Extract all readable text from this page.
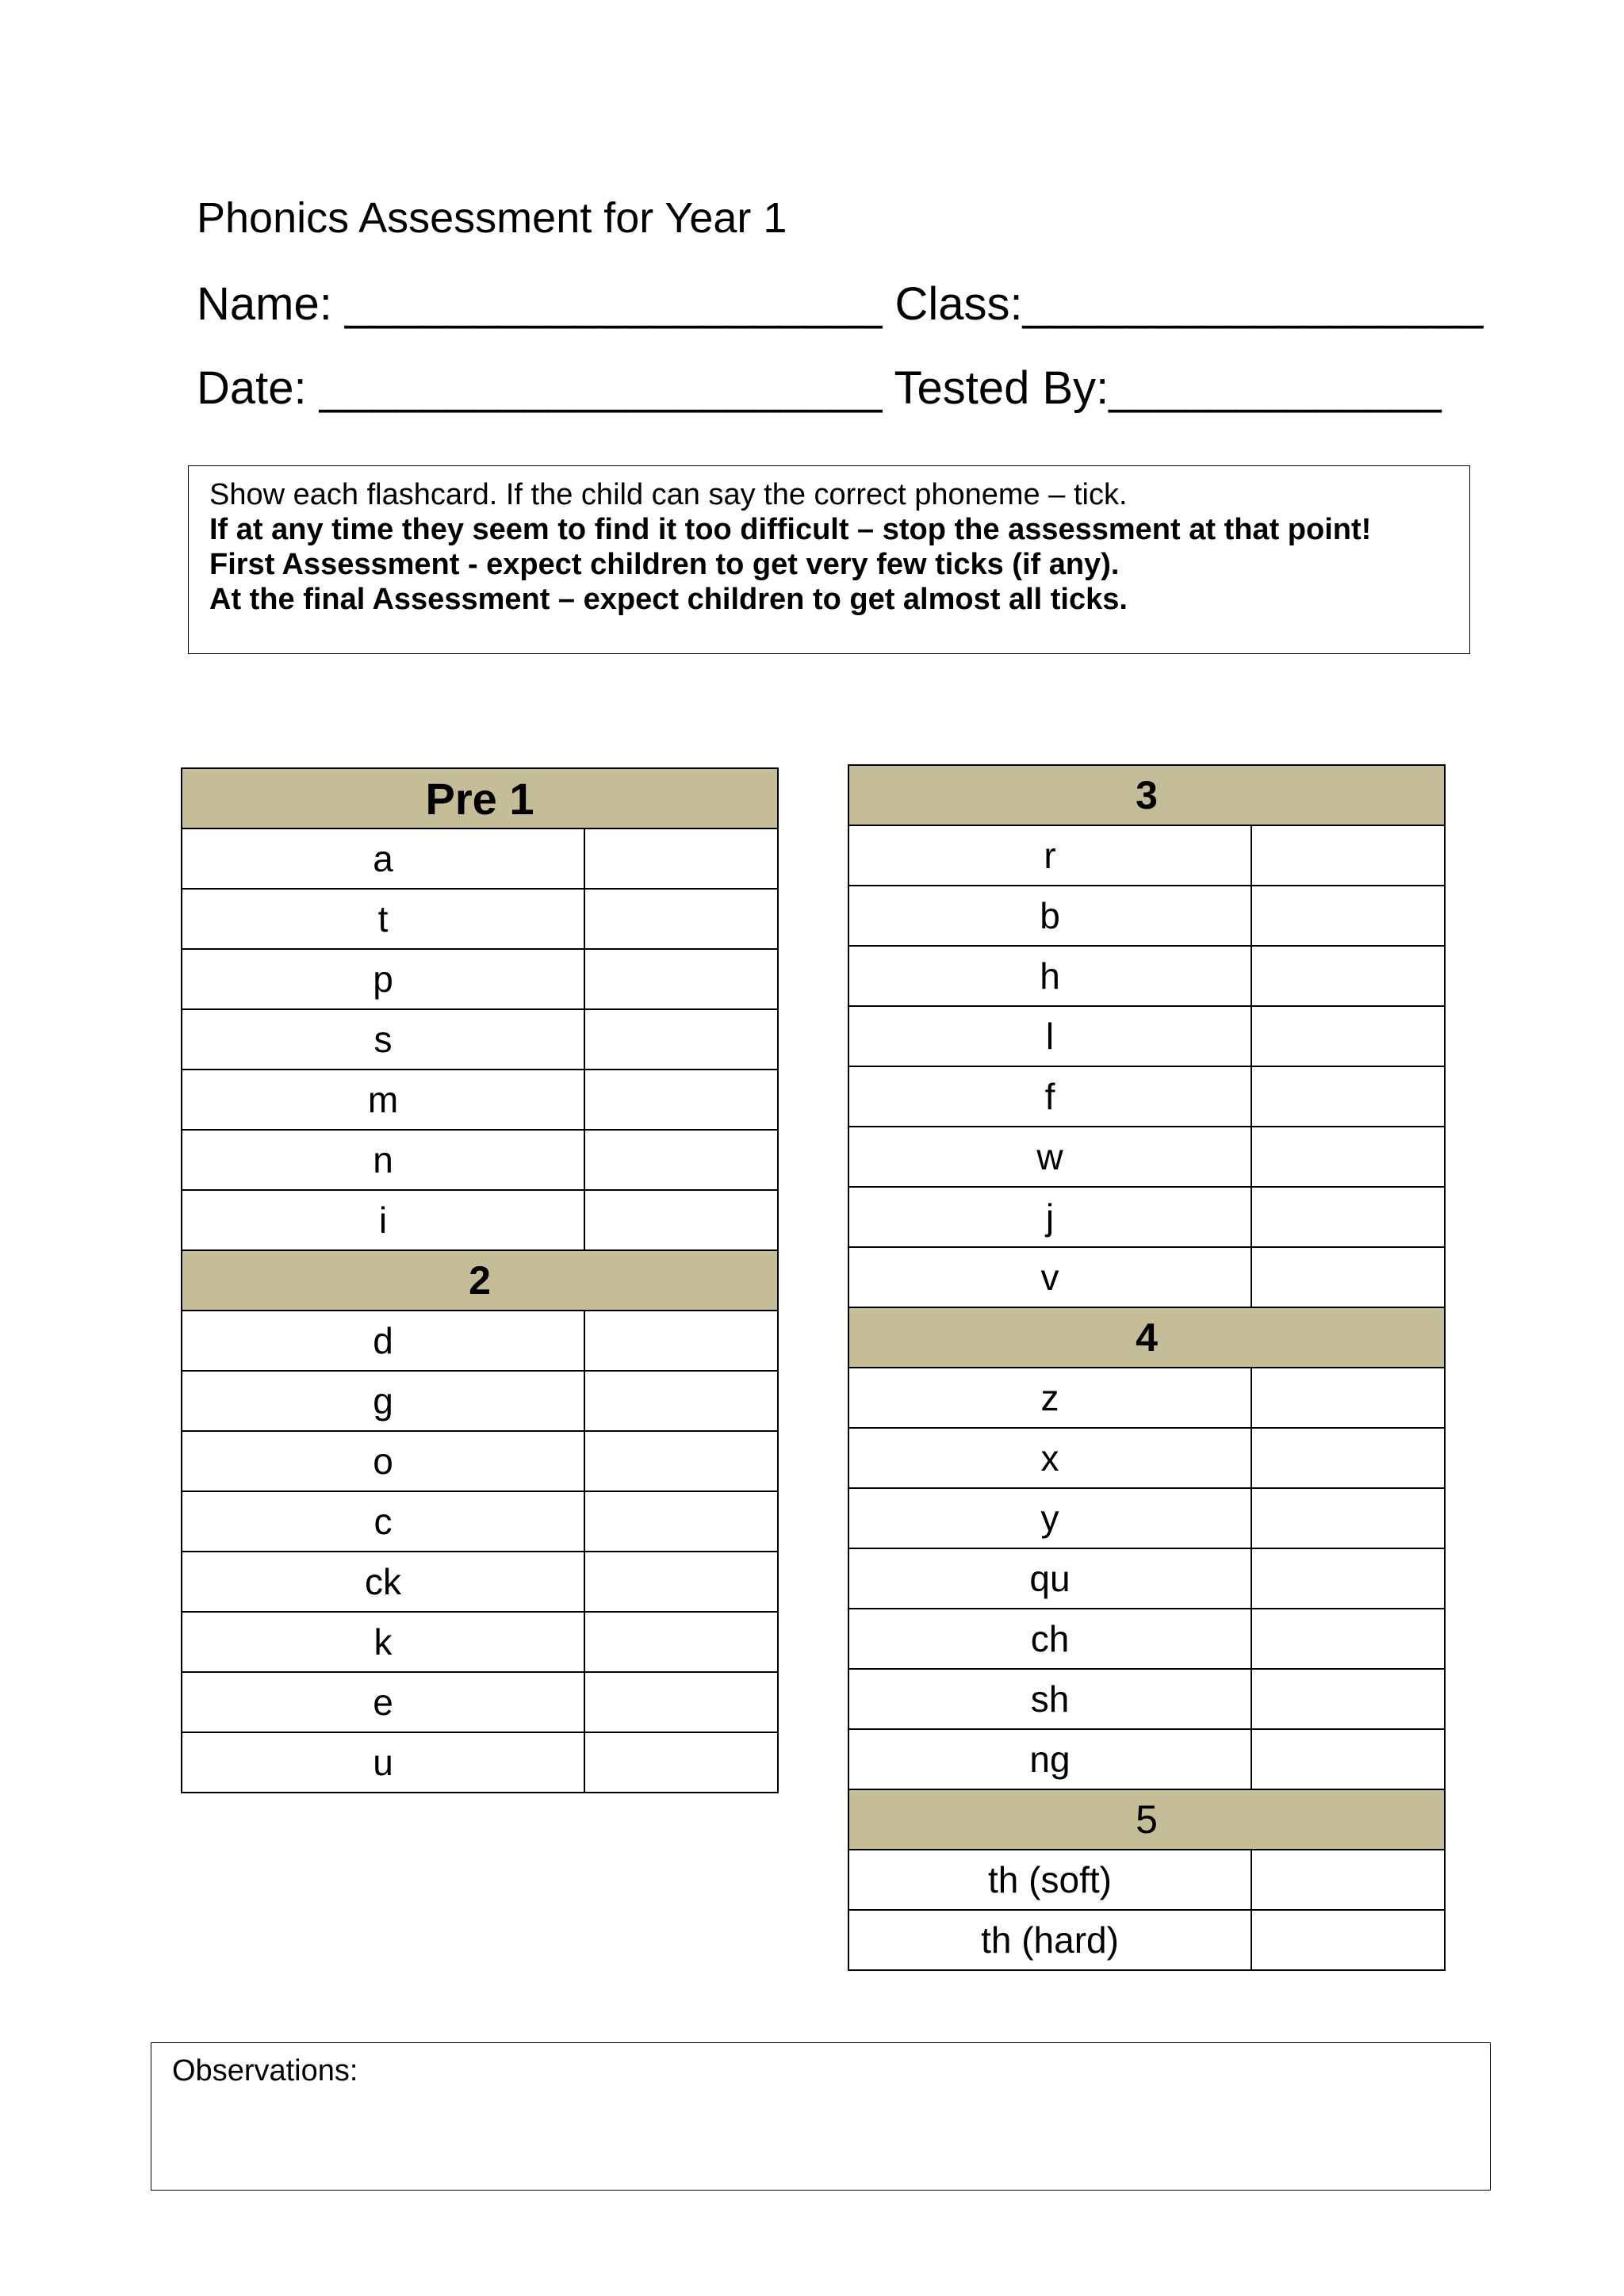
Phonics Assessment for Year 1
Name: _____________________ Class:__________________
Date: ______________________ Tested By:_____________
Show each flashcard. If the child can say the correct phoneme – tick.
If at any time they seem to find it too difficult – stop the assessment at that point!
First Assessment - expect children to get very few ticks (if any).
At the final Assessment – expect children to get almost all ticks.
Pre 1	
a	
t	
p	
s	
m	
n	
i	
2	
d	
g	
o	
c	
ck	
k	
e	
u	
3	
r	
b	
h	
l	
f	
w	
j	
v	
4	
z	
x	
y	
qu	
ch	
sh	
ng	
5	
th (soft)	
th (hard)	
Observations:
